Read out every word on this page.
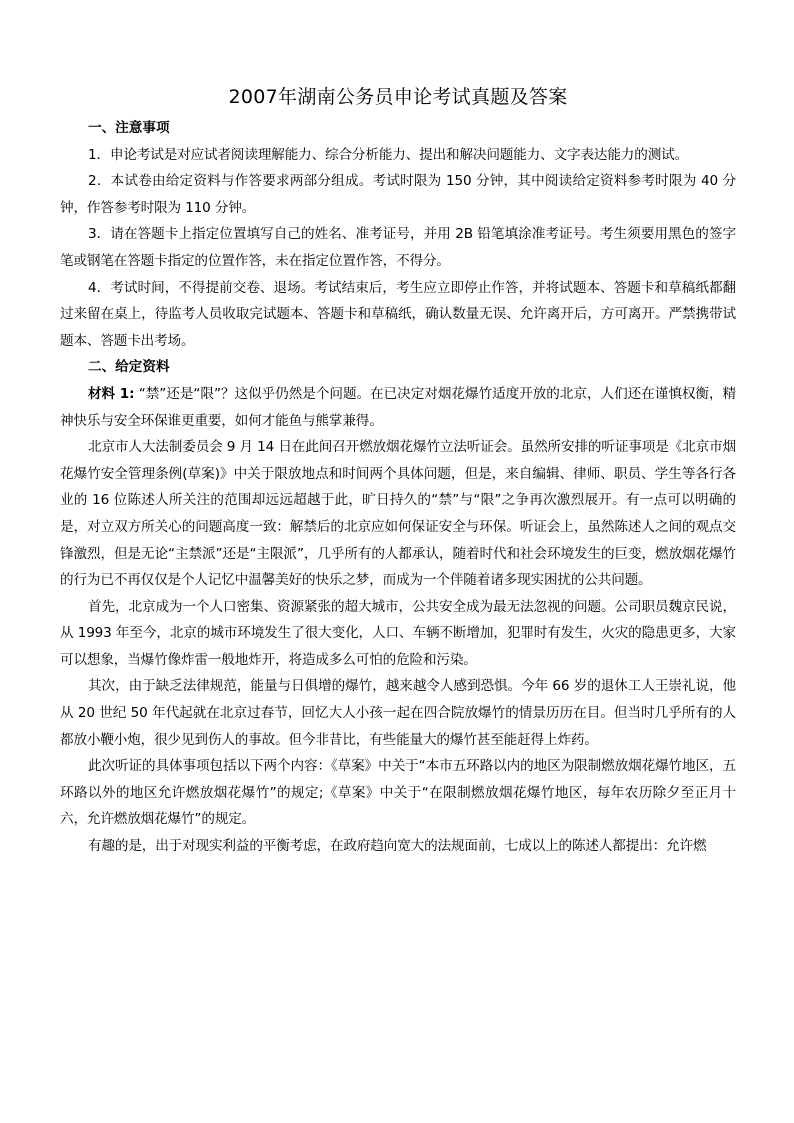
2007年湖南公务员申论考试真题及答案
一、注意事项

1．申论考试是对应试者阅读理解能力、综合分析能力、提出和解决问题能力、文字表达能力的测试。

2．本试卷由给定资料与作答要求两部分组成。考试时限为 150 分钟，其中阅读给定资料参考时限为 40 分钟，作答参考时限为 110 分钟。

3．请在答题卡上指定位置填写自己的姓名、准考证号，并用 2B 铅笔填涂准考证号。考生须要用黑色的签字笔或钢笔在答题卡指定的位置作答，未在指定位置作答，不得分。

4．考试时间，不得提前交卷、退场。考试结束后，考生应立即停止作答，并将试题本、答题卡和草稿纸都翻过来留在桌上，待监考人员收取完试题本、答题卡和草稿纸，确认数量无误、允许离开后，方可离开。严禁携带试题本、答题卡出考场。

二、给定资料

材料 1: “禁”还是“限”？这似乎仍然是个问题。在已决定对烟花爆竹适度开放的北京，人们还在谨慎权衡，精神快乐与安全环保谁更重要，如何才能鱼与熊掌兼得。

北京市人大法制委员会 9 月 14 日在此间召开燃放烟花爆竹立法听证会。虽然所安排的听证事项是《北京市烟花爆竹安全管理条例(草案)》中关于限放地点和时间两个具体问题，但是，来自编辑、律师、职员、学生等各行各业的 16 位陈述人所关注的范围却远远超越于此，旷日持久的“禁”与“限”之争再次激烈展开。有一点可以明确的是，对立双方所关心的问题高度一致：解禁后的北京应如何保证安全与环保。听证会上，虽然陈述人之间的观点交锋激烈，但是无论“主禁派”还是“主限派”，几乎所有的人都承认，随着时代和社会环境发生的巨变，燃放烟花爆竹的行为已不再仅仅是个人记忆中温馨美好的快乐之梦，而成为一个伴随着诸多现实困扰的公共问题。

首先，北京成为一个人口密集、资源紧张的超大城市，公共安全成为最无法忽视的问题。公司职员魏京民说，从 1993 年至今，北京的城市环境发生了很大变化，人口、车辆不断增加，犯罪时有发生，火灾的隐患更多，大家可以想象，当爆竹像炸雷一般地炸开，将造成多么可怕的危险和污染。

其次，由于缺乏法律规范，能量与日俱增的爆竹，越来越令人感到恐惧。今年 66 岁的退休工人王崇礼说，他从 20 世纪 50 年代起就在北京过春节，回忆大人小孩一起在四合院放爆竹的情景历历在目。但当时几乎所有的人都放小鞭小炮，很少见到伤人的事故。但今非昔比，有些能量大的爆竹甚至能赶得上炸药。

此次听证的具体事项包括以下两个内容：《草案》中关于“本市五环路以内的地区为限制燃放烟花爆竹地区，五环路以外的地区允许燃放烟花爆竹”的规定;《草案》中关于“在限制燃放烟花爆竹地区，每年农历除夕至正月十六，允许燃放烟花爆竹”的规定。

有趣的是，出于对现实利益的平衡考虑，在政府趋向宽大的法规面前，七成以上的陈述人都提出：允许燃
